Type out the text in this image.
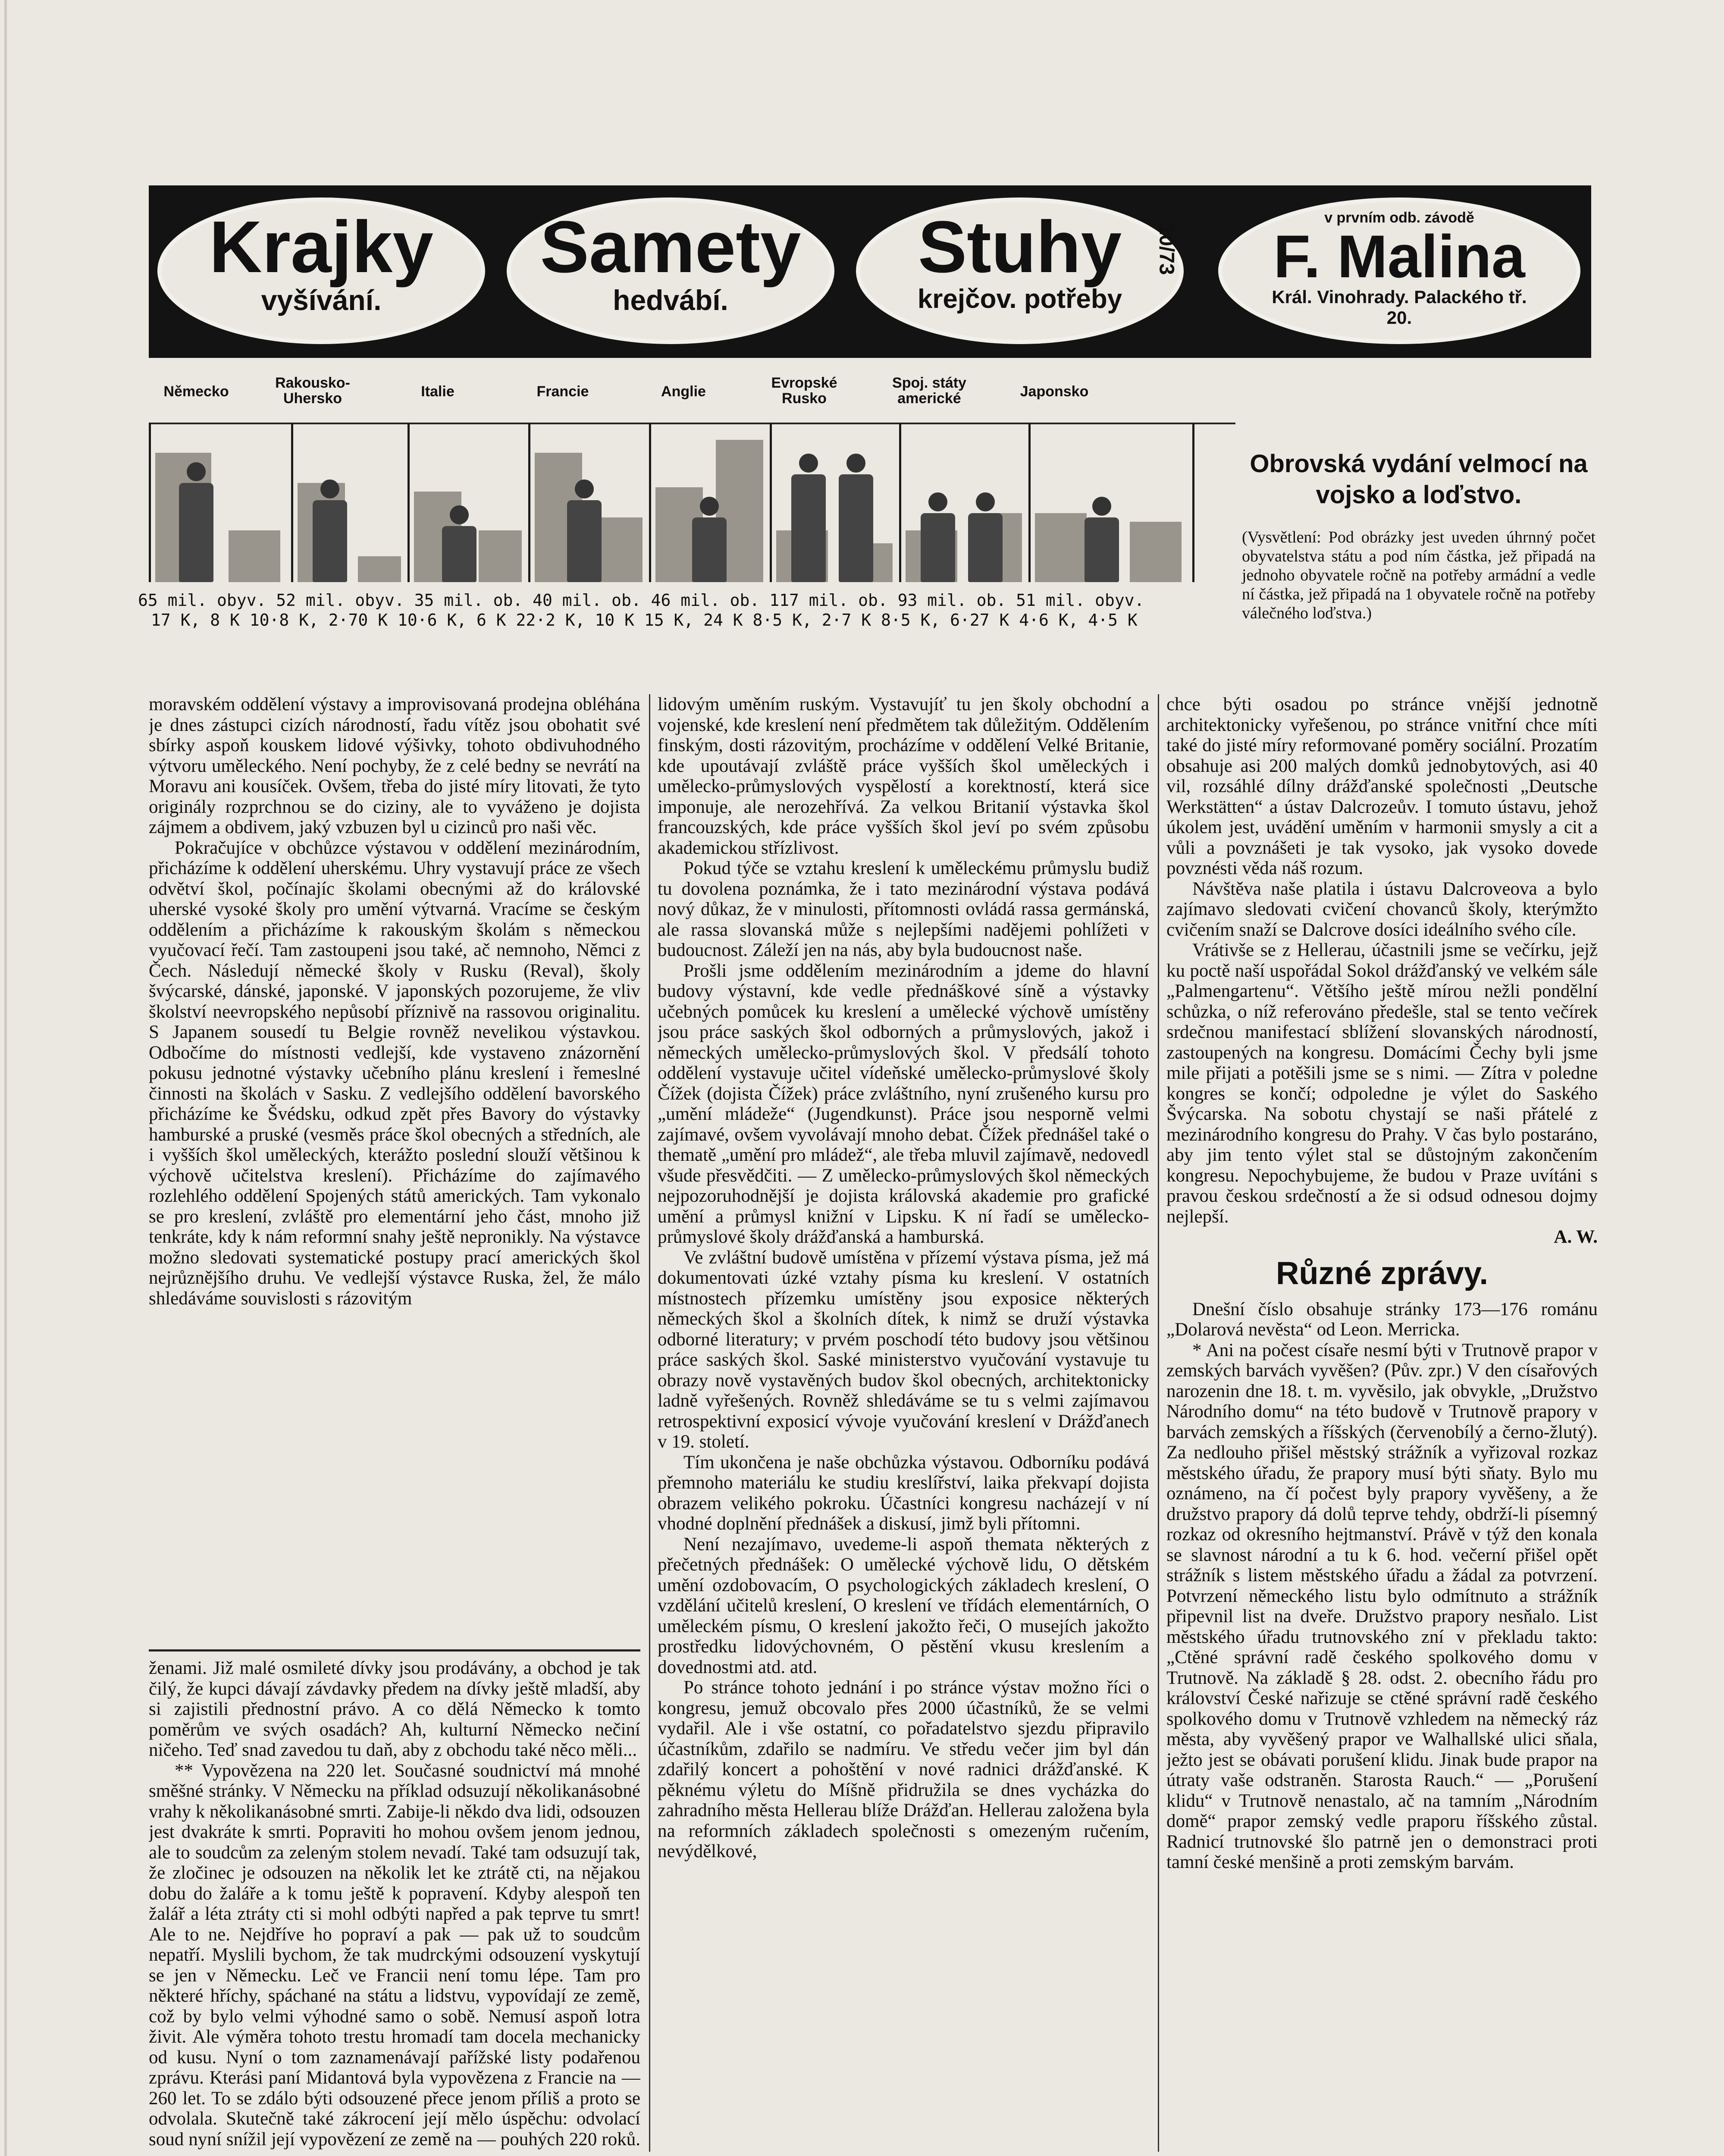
Krajky
vyšívání.
Samety
hedvábí.
Stuhy
krejčov. potřeby
10/73
v prvním odb. závodě
F. Malina
Král. Vinohrady. Palackého tř. 20.
Německo
Rakousko-Uhersko	Italie	Francie	Anglie
Evropské Rusko
Spoj. státy americké	Japonsko
65 mil. obyv. 52 mil. obyv. 35 mil. ob. 40 mil. ob. 46 mil. ob. 117 mil. ob. 93 mil. ob. 51 mil. obyv.
17 K, 8 K 10·8 K, 2·70 K 10·6 K, 6 K 22·2 K, 10 K 15 K, 24 K 8·5 K, 2·7 K 8·5 K, 6·27 K 4·6 K, 4·5 K
Obrovská vydání velmocí na vojsko a loďstvo.
(Vysvětlení: Pod obrázky jest uveden úhrnný počet obyvatelstva státu a pod ním částka, jež připadá na jednoho obyvatele ročně na potřeby armádní a vedle ní částka, jež připadá na 1 obyvatele ročně na potřeby válečného loďstva.)

moravském oddělení výstavy a improvisovaná prodejna obléhána je dnes zástupci cizích národností, řadu vítěz jsou obohatit své sbírky aspoň kouskem lidové výšivky, tohoto obdivuhodného výtvoru uměleckého. Není pochyby, že z celé bedny se nevrátí na Moravu ani kousíček. Ovšem, třeba do jisté míry litovati, že tyto originály rozprchnou se do ciziny, ale to vyváženo je dojista zájmem a obdivem, jaký vzbuzen byl u cizinců pro naši věc.

Pokračujíce v obchůzce výstavou v oddělení mezinárodním, přicházíme k oddělení uherskému. Uhry vystavují práce ze všech odvětví škol, počínajíc školami obecnými až do královské uherské vysoké školy pro umění výtvarná. Vracíme se českým oddělením a přicházíme k rakouským školám s německou vyučovací řečí. Tam zastoupeni jsou také, ač nemnoho, Němci z Čech. Následují německé školy v Rusku (Reval), školy švýcarské, dánské, japonské. V japonských pozorujeme, že vliv školství neevropského nepůsobí příznivě na rassovou originalitu. S Japanem sousedí tu Belgie rovněž nevelikou výstavkou. Odbočíme do místnosti vedlejší, kde vystaveno znázornění pokusu jednotné výstavky učebního plánu kreslení i řemeslné činnosti na školách v Sasku. Z vedlejšího oddělení bavorského přicházíme ke Švédsku, odkud zpět přes Bavory do výstavky hamburské a pruské (vesměs práce škol obecných a středních, ale i vyšších škol uměleckých, kterážto poslední slouží většinou k výchově učitelstva kreslení). Přicházíme do zajímavého rozlehlého oddělení Spojených států amerických. Tam vykonalo se pro kreslení, zvláště pro elementární jeho část, mnoho již tenkráte, kdy k nám reformní snahy ještě nepronikly. Na výstavce možno sledovati systematické postupy prací amerických škol nejrůznějšího druhu. Ve vedlejší výstavce Ruska, žel, že málo shledáváme souvislosti s rázovitým

ženami. Již malé osmileté dívky jsou prodávány, a obchod je tak čilý, že kupci dávají závdavky předem na dívky ještě mladší, aby si zajistili přednostní právo. A co dělá Německo k tomto poměrům ve svých osadách? Ah, kulturní Německo nečiní ničeho. Teď snad zavedou tu daň, aby z obchodu také něco měli...

** Vypovězena na 220 let. Současné soudnictví má mnohé směšné stránky. V Německu na příklad odsuzují několikanásobné vrahy k několikanásobné smrti. Zabije-li někdo dva lidi, odsouzen jest dvakráte k smrti. Popraviti ho mohou ovšem jenom jednou, ale to soudcům za zeleným stolem nevadí. Také tam odsuzují tak, že zločinec je odsouzen na několik let ke ztrátě cti, na nějakou dobu do žaláře a k tomu ještě k popravení. Kdyby alespoň ten žalář a léta ztráty cti si mohl odbýti napřed a pak teprve tu smrt! Ale to ne. Nejdříve ho popraví a pak — pak už to soudcům nepatří. Myslili bychom, že tak mudrckými odsouzení vyskytují se jen v Německu. Leč ve Francii není tomu lépe. Tam pro některé hříchy, spáchané na státu a lidstvu, vypovídají ze země, což by bylo velmi výhodné samo o sobě. Nemusí aspoň lotra živit. Ale výměra tohoto trestu hromadí tam docela mechanicky od kusu. Nyní o tom zaznamenávají pařížské listy podařenou zprávu. Kterási paní Midantová byla vypovězena z Francie na — 260 let. To se zdálo býti odsouzené přece jenom příliš a proto se odvolala. Skutečně také zákrocení její mělo úspěchu: odvolací soud nyní snížil její vypovězení ze země na — pouhých 220 roků.

lidovým uměním ruským. Vystavujíť tu jen školy obchodní a vojenské, kde kreslení není předmětem tak důležitým. Oddělením finským, dosti rázovitým, procházíme v oddělení Velké Britanie, kde upoutávají zvláště práce vyšších škol uměleckých i umělecko-průmyslových vyspělostí a korektností, která sice imponuje, ale nerozehřívá. Za velkou Britanií výstavka škol francouzských, kde práce vyšších škol jeví po svém způsobu akademickou střízlivost.

Pokud týče se vztahu kreslení k uměleckému průmyslu budiž tu dovolena poznámka, že i tato mezinárodní výstava podává nový důkaz, že v minulosti, přítomnosti ovládá rassa germánská, ale rassa slovanská může s nejlepšími nadějemi pohlížeti v budoucnost. Záleží jen na nás, aby byla budoucnost naše.

Prošli jsme oddělením mezinárodním a jdeme do hlavní budovy výstavní, kde vedle přednáškové síně a výstavky učebných pomůcek ku kreslení a umělecké výchově umístěny jsou práce saských škol odborných a průmyslových, jakož i německých umělecko-průmyslových škol. V předsálí tohoto oddělení vystavuje učitel vídeňské umělecko-průmyslové školy Čížek (dojista Čížek) práce zvláštního, nyní zrušeného kursu pro „umění mládeže“ (Jugendkunst). Práce jsou nesporně velmi zajímavé, ovšem vyvolávají mnoho debat. Čížek přednášel také o thematě „umění pro mládež“, ale třeba mluvil zajímavě, nedovedl všude přesvědčiti. — Z umělecko-průmyslových škol německých nejpozoruhodnější je dojista královská akademie pro grafické umění a průmysl knižní v Lipsku. K ní řadí se umělecko-průmyslové školy drážďanská a hamburská.

Ve zvláštní budově umístěna v přízemí výstava písma, jež má dokumentovati úzké vztahy písma ku kreslení. V ostatních místnostech přízemku umístěny jsou exposice některých německých škol a školních dítek, k nimž se druží výstavka odborné literatury; v prvém poschodí této budovy jsou většinou práce saských škol. Saské ministerstvo vyučování vystavuje tu obrazy nově vystavěných budov škol obecných, architektonicky ladně vyřešených. Rovněž shledáváme se tu s velmi zajímavou retrospektivní exposicí vývoje vyučování kreslení v Drážďanech v 19. století.

Tím ukončena je naše obchůzka výstavou. Odborníku podává přemnoho materiálu ke studiu kreslířství, laika překvapí dojista obrazem velikého pokroku. Účastníci kongresu nacházejí v ní vhodné doplnění přednášek a diskusí, jimž byli přítomni.

Není nezajímavo, uvedeme-li aspoň themata některých z přečetných přednášek: O umělecké výchově lidu, O dětském umění ozdobovacím, O psychologických základech kreslení, O vzdělání učitelů kreslení, O kreslení ve třídách elementárních, O uměleckém písmu, O kreslení jakožto řeči, O musejích jakožto prostředku lidovýchovném, O pěstění vkusu kreslením a dovednostmi atd. atd.

Po stránce tohoto jednání i po stránce výstav možno říci o kongresu, jemuž obcovalo přes 2000 účastníků, že se velmi vydařil. Ale i vše ostatní, co pořadatelstvo sjezdu připravilo účastníkům, zdařilo se nadmíru. Ve středu večer jim byl dán zdařilý koncert a pohoštění v nové radnici drážďanské. K pěknému výletu do Míšně přidružila se dnes vycházka do zahradního města Hellerau blíže Drážďan. Hellerau založena byla na reformních základech společnosti s omezeným ručením, nevýdělkové,

chce býti osadou po stránce vnější jednotně architektonicky vyřešenou, po stránce vnitřní chce míti také do jisté míry reformované poměry sociální. Prozatím obsahuje asi 200 malých domků jednobytových, asi 40 vil, rozsáhlé dílny drážďanské společnosti „Deutsche Werkstätten“ a ústav Dalcrozeův. I tomuto ústavu, jehož úkolem jest, uvádění uměním v harmonii smysly a cit a vůli a povznášeti je tak vysoko, jak vysoko dovede povznésti věda náš rozum.

Návštěva naše platila i ústavu Dalcroveova a bylo zajímavo sledovati cvičení chovanců školy, kterýmžto cvičením snaží se Dalcrove dosíci ideálního svého cíle.

Vrátivše se z Hellerau, účastnili jsme se večírku, jejž ku poctě naší uspořádal Sokol drážďanský ve velkém sále „Palmengartenu“. Většího ještě mírou nežli pondělní schůzka, o níž referováno předešle, stal se tento večírek srdečnou manifestací sblížení slovanských národností, zastoupených na kongresu. Domácími Čechy byli jsme mile přijati a potěšili jsme se s nimi. — Zítra v poledne kongres se končí; odpoledne je výlet do Saského Švýcarska. Na sobotu chystají se naši přátelé z mezinárodního kongresu do Prahy. V čas bylo postaráno, aby jim tento výlet stal se důstojným zakončením kongresu. Nepochybujeme, že budou v Praze uvítáni s pravou českou srdečností a že si odsud odnesou dojmy nejlepší.

A. W.

Různé zprávy.

Dnešní číslo obsahuje stránky 173—176 románu „Dolarová nevěsta“ od Leon. Merricka.

* Ani na počest císaře nesmí býti v Trutnově prapor v zemských barvách vyvěšen? (Pův. zpr.) V den císařových narozenin dne 18. t. m. vyvěsilo, jak obvykle, „Družstvo Národního domu“ na této budově v Trutnově prapory v barvách zemských a říšských (červenobílý a černo-žlutý). Za nedlouho přišel městský strážník a vyřizoval rozkaz městského úřadu, že prapory musí býti sňaty. Bylo mu oznámeno, na čí počest byly prapory vyvěšeny, a že družstvo prapory dá dolů teprve tehdy, obdrží-li písemný rozkaz od okresního hejtmanství. Právě v týž den konala se slavnost národní a tu k 6. hod. večerní přišel opět strážník s listem městského úřadu a žádal za potvrzení. Potvrzení německého listu bylo odmítnuto a strážník připevnil list na dveře. Družstvo prapory nesňalo. List městského úřadu trutnovského zní v překladu takto: „Ctěné správní radě českého spolkového domu v Trutnově. Na základě § 28. odst. 2. obecního řádu pro království České nařizuje se ctěné správní radě českého spolkového domu v Trutnově vzhledem na německý ráz města, aby vyvěšený prapor ve Walhallské ulici sňala, ježto jest se obávati porušení klidu. Jinak bude prapor na útraty vaše odstraněn. Starosta Rauch.“ — „Porušení klidu“ v Trutnově nenastalo, ač na tamním „Národním domě“ prapor zemský vedle praporu říšského zůstal. Radnicí trutnovské šlo patrně jen o demonstraci proti tamní české menšině a proti zemským barvám.
